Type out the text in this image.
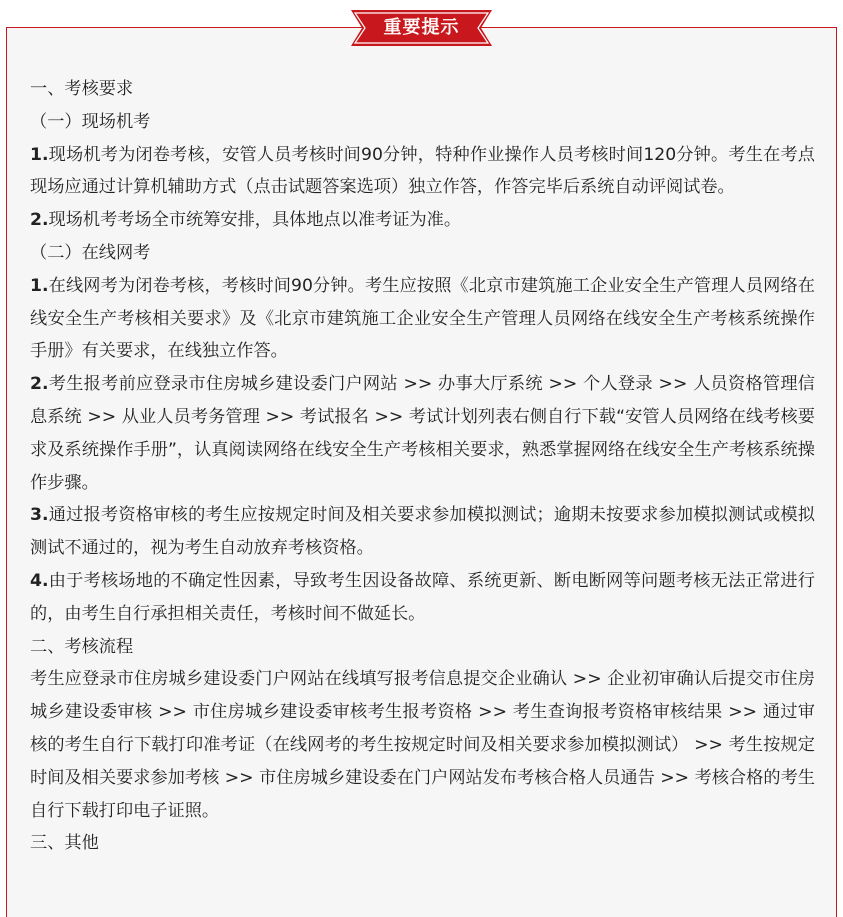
重要提示

一、考核要求

（一）现场机考

1.现场机考为闭卷考核，安管人员考核时间90分钟，特种作业操作人员考核时间120分钟。考生在考点现场应通过计算机辅助方式（点击试题答案选项）独立作答，作答完毕后系统自动评阅试卷。

2.现场机考考场全市统筹安排，具体地点以准考证为准。

（二）在线网考

1.在线网考为闭卷考核，考核时间90分钟。考生应按照《北京市建筑施工企业安全生产管理人员网络在线安全生产考核相关要求》及《北京市建筑施工企业安全生产管理人员网络在线安全生产考核系统操作手册》有关要求，在线独立作答。

2.考生报考前应登录市住房城乡建设委门户网站 >> 办事大厅系统 >> 个人登录 >> 人员资格管理信息系统 >> 从业人员考务管理 >> 考试报名 >> 考试计划列表右侧自行下载“安管人员网络在线考核要求及系统操作手册”，认真阅读网络在线安全生产考核相关要求，熟悉掌握网络在线安全生产考核系统操作步骤。

3.通过报考资格审核的考生应按规定时间及相关要求参加模拟测试；逾期未按要求参加模拟测试或模拟测试不通过的，视为考生自动放弃考核资格。

4.由于考核场地的不确定性因素，导致考生因设备故障、系统更新、断电断网等问题考核无法正常进行的，由考生自行承担相关责任，考核时间不做延长。

二、考核流程

考生应登录市住房城乡建设委门户网站在线填写报考信息提交企业确认 >> 企业初审确认后提交市住房城乡建设委审核 >> 市住房城乡建设委审核考生报考资格 >> 考生查询报考资格审核结果 >> 通过审核的考生自行下载打印准考证（在线网考的考生按规定时间及相关要求参加模拟测试） >> 考生按规定时间及相关要求参加考核 >> 市住房城乡建设委在门户网站发布考核合格人员通告 >> 考核合格的考生自行下载打印电子证照。

三、其他
